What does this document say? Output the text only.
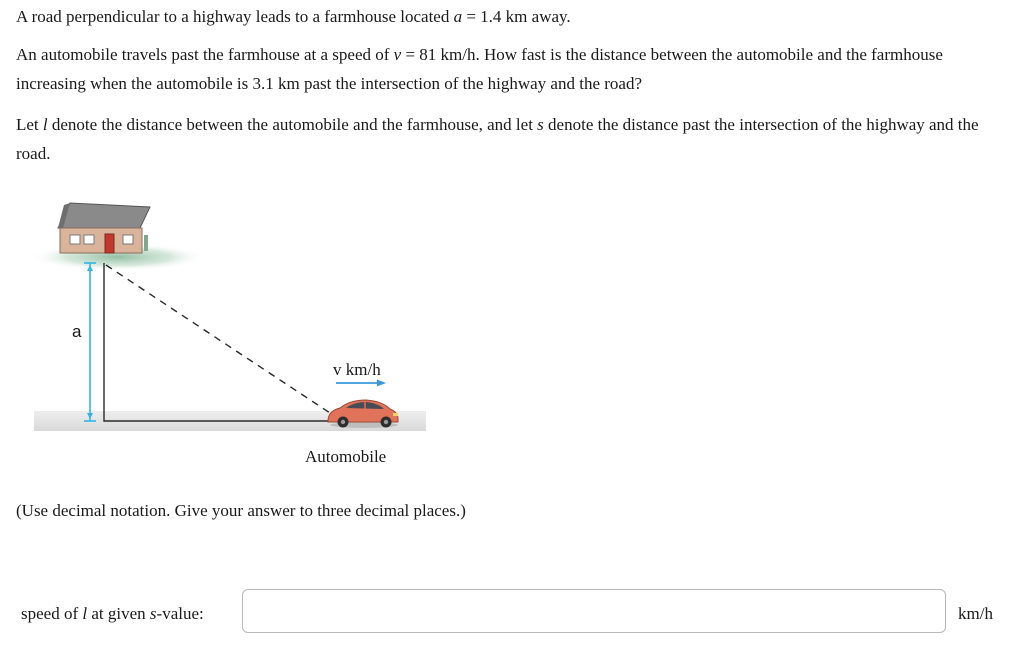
A road perpendicular to a highway leads to a farmhouse located a = 1.4 km away.

An automobile travels past the farmhouse at a speed of v = 81 km/h. How fast is the distance between the automobile and the farmhouse increasing when the automobile is 3.1 km past the intersection of the highway and the road?

Let l denote the distance between the automobile and the farmhouse, and let s denote the distance past the intersection of the highway and the road.

a
v km/h
Automobile

(Use decimal notation. Give your answer to three decimal places.)

speed of l at given s-value:	km/h
